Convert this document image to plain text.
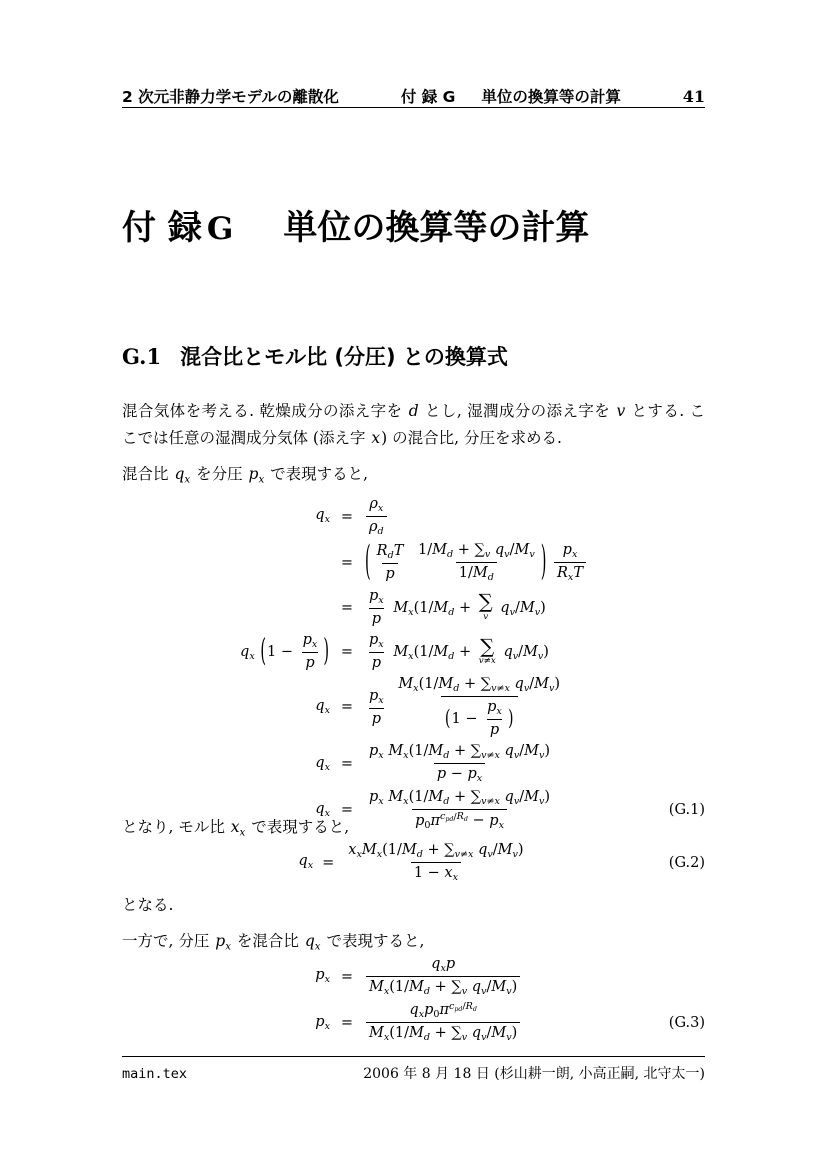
2 次元非静力学モデルの離散化	付 録 G 単位の換算等の計算	41
付 録 G 単位の換算等の計算
G.1 混合比とモル比 (分圧) との換算式

混合気体を考える. 乾燥成分の添え字を d とし, 湿潤成分の添え字を v とする. ここでは任意の湿潤成分気体 (添え字 x) の混合比, 分圧を求める.

混合比 $q_x$ を分圧 $p_x$ で表現すると,

$q_x = \frac{\rho_x}{\rho_d}$
= ( $\frac{R_dT}{p}$
$\frac{1/M_d + \sum_v q_v/M_v}{1/M_d}$ ) $\frac{p_x}{R_xT}$
= $\frac{p_x}{p} M_x(1/M_d$ + ∑
v
$q_v/M_v$)
$q_x$ ($1 - \frac{p_x}{p}$ ) = $\frac{p_x}{p} M_x(1/M_d$ + ∑
v≠x
$q_v/M_v$)
$q_x = \frac{p_x}{p}$
$\frac{M_x(1/M_d + \sum_{v\ne x} q_v/M_v)}{(1 - \frac{p_x}{p} )}$
$q_x = \frac{p_x M_x(1/M_d + \sum_{v\ne x} q_v/M_v)}{p - p_x}$
$q_x = \frac{p_x M_x(1/M_d + \sum_{v\ne x} q_v/M_v)}{p_0\pi^{c_{pd}/R_d} - p_x}$	(G.1)

となり, モル比 $x_x$ で表現すると,

$q_x = \frac{x_xM_x(1/M_d + \sum_{v\ne x} q_v/M_v)}{1 - x_x}$	(G.2)

となる.

一方で, 分圧 $p_x$ を混合比 $q_x$ で表現すると,

$p_x = \frac{q_xp}{M_x(1/M_d + \sum_v q_v/M_v)}$
$p_x = \frac{q_xp_0\pi^{c_{pd}/R_d}}{M_x(1/M_d + \sum_v q_v/M_v)}$	(G.3)
main.tex	2006 年 8 月 18 日 (杉山耕一朗, 小高正嗣, 北守太一)
